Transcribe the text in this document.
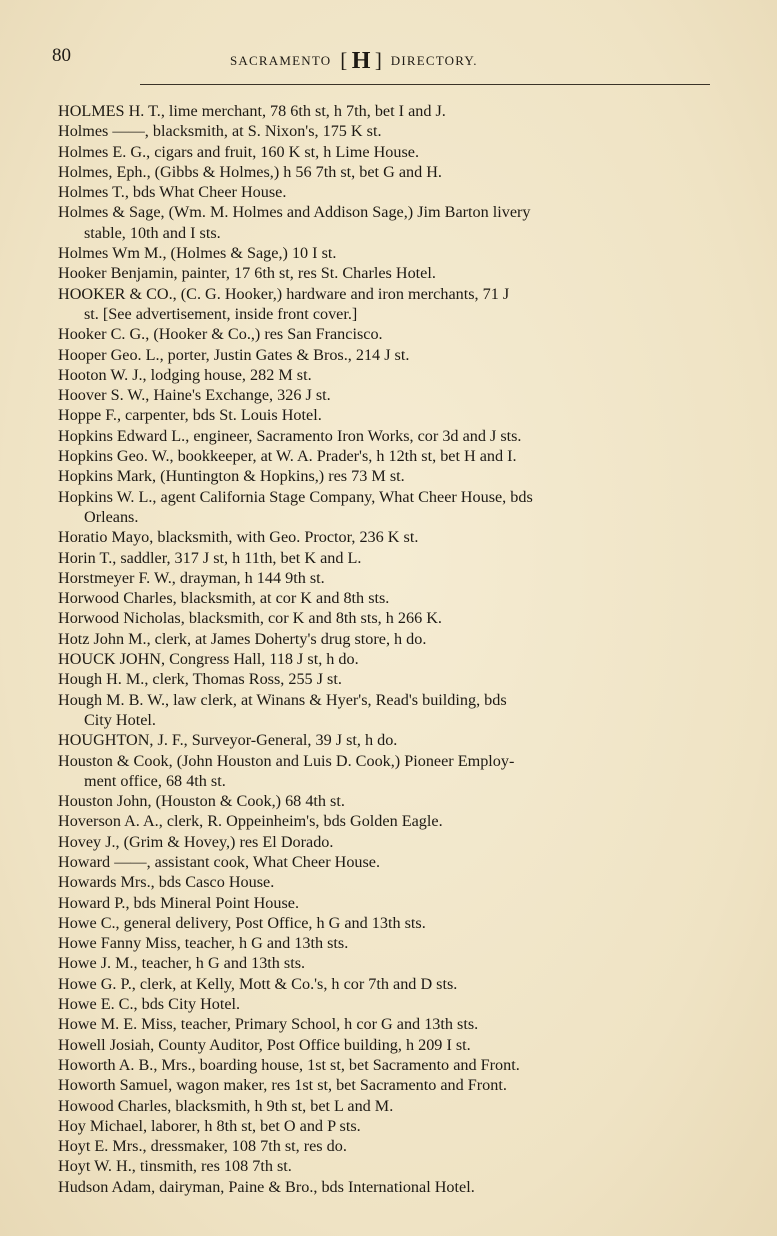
80	SACRAMENTO [ H ] DIRECTORY.

HOLMES H. T., lime merchant, 78 6th st, h 7th, bet I and J.

Holmes ——, blacksmith, at S. Nixon's, 175 K st.

Holmes E. G., cigars and fruit, 160 K st, h Lime House.

Holmes, Eph., (Gibbs & Holmes,) h 56 7th st, bet G and H.

Holmes T., bds What Cheer House.

Holmes & Sage, (Wm. M. Holmes and Addison Sage,) Jim Barton livery
stable, 10th and I sts.

Holmes Wm M., (Holmes & Sage,) 10 I st.

Hooker Benjamin, painter, 17 6th st, res St. Charles Hotel.

HOOKER & CO., (C. G. Hooker,) hardware and iron merchants, 71 J
st. [See advertisement, inside front cover.]

Hooker C. G., (Hooker & Co.,) res San Francisco.

Hooper Geo. L., porter, Justin Gates & Bros., 214 J st.

Hooton W. J., lodging house, 282 M st.

Hoover S. W., Haine's Exchange, 326 J st.

Hoppe F., carpenter, bds St. Louis Hotel.

Hopkins Edward L., engineer, Sacramento Iron Works, cor 3d and J sts.

Hopkins Geo. W., bookkeeper, at W. A. Prader's, h 12th st, bet H and I.

Hopkins Mark, (Huntington & Hopkins,) res 73 M st.

Hopkins W. L., agent California Stage Company, What Cheer House, bds
Orleans.

Horatio Mayo, blacksmith, with Geo. Proctor, 236 K st.

Horin T., saddler, 317 J st, h 11th, bet K and L.

Horstmeyer F. W., drayman, h 144 9th st.

Horwood Charles, blacksmith, at cor K and 8th sts.

Horwood Nicholas, blacksmith, cor K and 8th sts, h 266 K.

Hotz John M., clerk, at James Doherty's drug store, h do.

HOUCK JOHN, Congress Hall, 118 J st, h do.

Hough H. M., clerk, Thomas Ross, 255 J st.

Hough M. B. W., law clerk, at Winans & Hyer's, Read's building, bds
City Hotel.

HOUGHTON, J. F., Surveyor-General, 39 J st, h do.

Houston & Cook, (John Houston and Luis D. Cook,) Pioneer Employ-
ment office, 68 4th st.

Houston John, (Houston & Cook,) 68 4th st.

Hoverson A. A., clerk, R. Oppeinheim's, bds Golden Eagle.

Hovey J., (Grim & Hovey,) res El Dorado.

Howard ——, assistant cook, What Cheer House.

Howards Mrs., bds Casco House.

Howard P., bds Mineral Point House.

Howe C., general delivery, Post Office, h G and 13th sts.

Howe Fanny Miss, teacher, h G and 13th sts.

Howe J. M., teacher, h G and 13th sts.

Howe G. P., clerk, at Kelly, Mott & Co.'s, h cor 7th and D sts.

Howe E. C., bds City Hotel.

Howe M. E. Miss, teacher, Primary School, h cor G and 13th sts.

Howell Josiah, County Auditor, Post Office building, h 209 I st.

Howorth A. B., Mrs., boarding house, 1st st, bet Sacramento and Front.

Howorth Samuel, wagon maker, res 1st st, bet Sacramento and Front.

Howood Charles, blacksmith, h 9th st, bet L and M.

Hoy Michael, laborer, h 8th st, bet O and P sts.

Hoyt E. Mrs., dressmaker, 108 7th st, res do.

Hoyt W. H., tinsmith, res 108 7th st.

Hudson Adam, dairyman, Paine & Bro., bds International Hotel.
